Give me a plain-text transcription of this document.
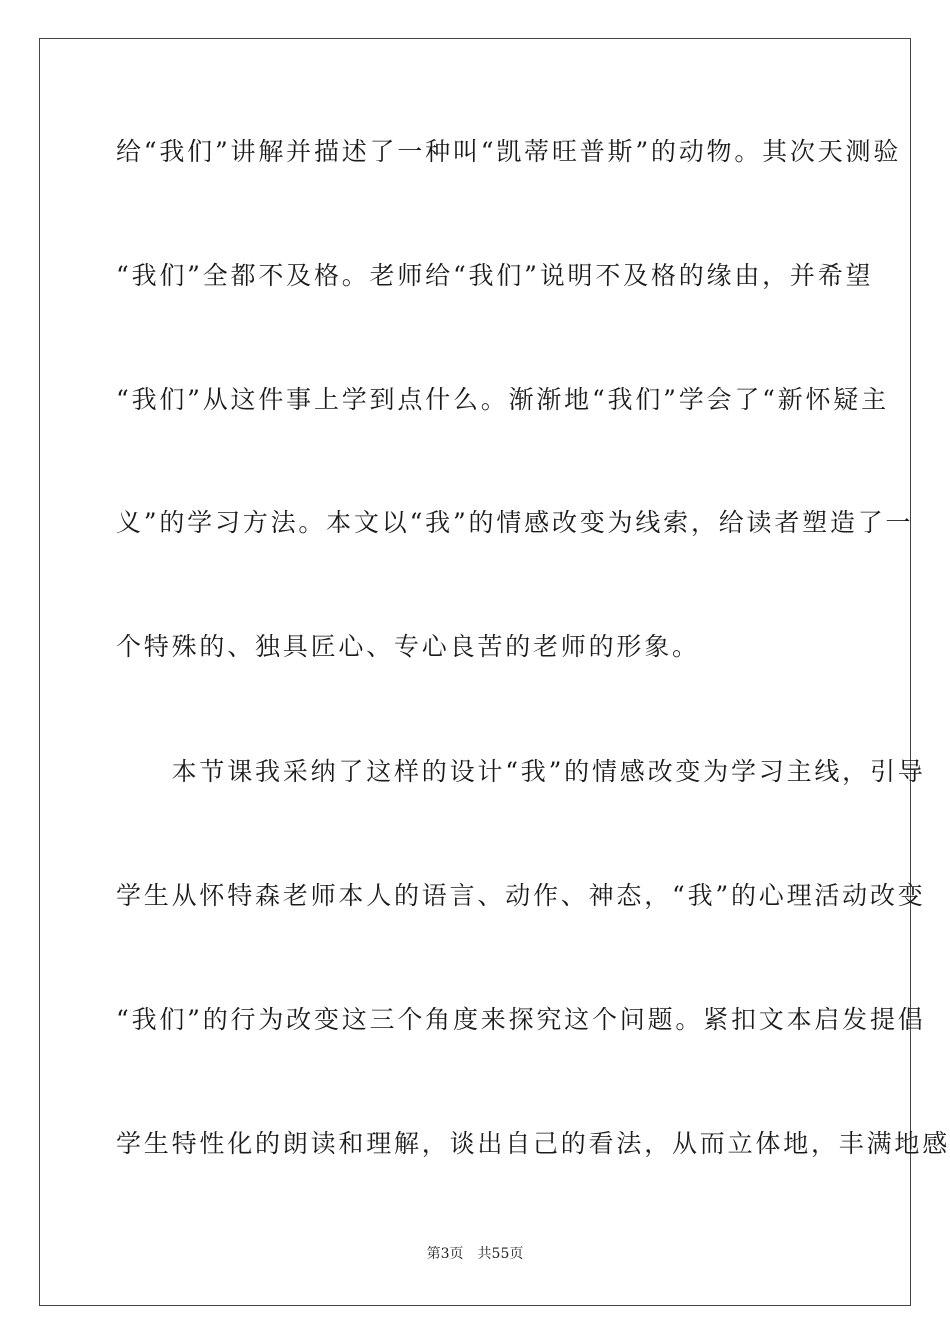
给“我们”讲解并描述了一种叫“凯蒂旺普斯”的动物。其次天测验
“我们”全都不及格。老师给“我们”说明不及格的缘由，并希望
“我们”从这件事上学到点什么。渐渐地“我们”学会了“新怀疑主
义”的学习方法。本文以“我”的情感改变为线索，给读者塑造了一
个特殊的、独具匠心、专心良苦的老师的形象。
　　本节课我采纳了这样的设计“我”的情感改变为学习主线，引导
学生从怀特森老师本人的语言、动作、神态，“我”的心理活动改变
“我们”的行为改变这三个角度来探究这个问题。紧扣文本启发提倡
学生特性化的朗读和理解，谈出自己的看法，从而立体地，丰满地感
第3页 共55页
